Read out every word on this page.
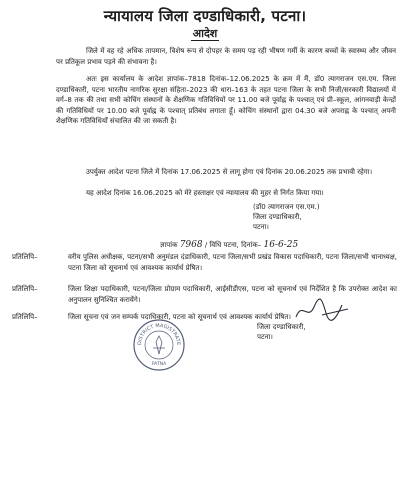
न्यायालय जिला दण्डाधिकारी, पटना।
आदेश

जिले में वह रहे अधिक तापमान, विशेष रूप से दोपहर के समय पड़ रही भीषण गर्मी के कारण बच्चों के स्वास्थ्य और जीवन पर प्रतिकूल प्रभाव पड़ने की संभावना है।

अतः इस कार्यालय के आदेश ज्ञापांक–7818 दिनांक–12.06.2025 के क्रम में मैं, डॉ0 त्यागराजन एस.एम. जिला दण्डाधिकारी, पटना भारतीय नागरिक सुरक्षा संहिता–2023 की धारा–163 के तहत पटना जिला के सभी निजी/सरकारी विद्यालयों में वर्ग–8 तक की तथा सभी कोचिंग संस्थानों के शैक्षणिक गतिविधियों पर 11.00 बजे पूर्वाह्न के पश्चात् एवं प्री–स्कूल, आंगनवाड़ी केन्द्रों की गतिविधियों पर 10.00 बजे पूर्वाह्न के पश्चात् प्रतिबंध लगाता हूँ। कोचिंग संस्थानों द्वारा 04.30 बजे अपराह्न के पश्चात् अपनी शैक्षणिक गतिविधियाँ संचालित की जा सकती है।

उपर्युक्त आदेश पटना जिले में दिनांक 17.06.2025 से लागू होगा एवं दिनांक 20.06.2025 तक प्रभावी रहेगा।

यह आदेश दिनांक 16.06.2025 को मेरे हस्ताक्षर एवं न्यायालय की मुहर से निर्गत किया गया।

(डॉ0 त्यागराजन एस.एम.)
जिला दण्डाधिकारी,
पटना।
ज्ञापांक 7968 / विधि पटना, दिनांक– 16-6-25
प्रतिलिपि–	वरीय पुलिस अधीक्षक, पटना/सभी अनुमंडल दंडाधिकारी, पटना जिला/सभी प्रखंड विकास पदाधिकारी, पटना जिला/सभी थानाध्यक्ष, पटना जिला को सूचनार्थ एवं आवश्यक कार्यार्थ प्रेषित।
प्रतिलिपि–	जिला शिक्षा पदाधिकारी, पटना/जिला प्रोग्राम पदाधिकारी, आईसीडीएस, पटना को सूचनार्थ एवं निर्देशित है कि उपरोक्त आदेश का अनुपालन सुनिश्चित करायेंगे।
प्रतिलिपि–	जिला सूचना एवं जन सम्पर्क पदाधिकारी, पटना को सूचनार्थ एवं आवश्यक कार्यार्थ प्रेषित।
जिला दण्डाधिकारी,
पटना।
DISTRICT MAGISTRATE
PATNA
